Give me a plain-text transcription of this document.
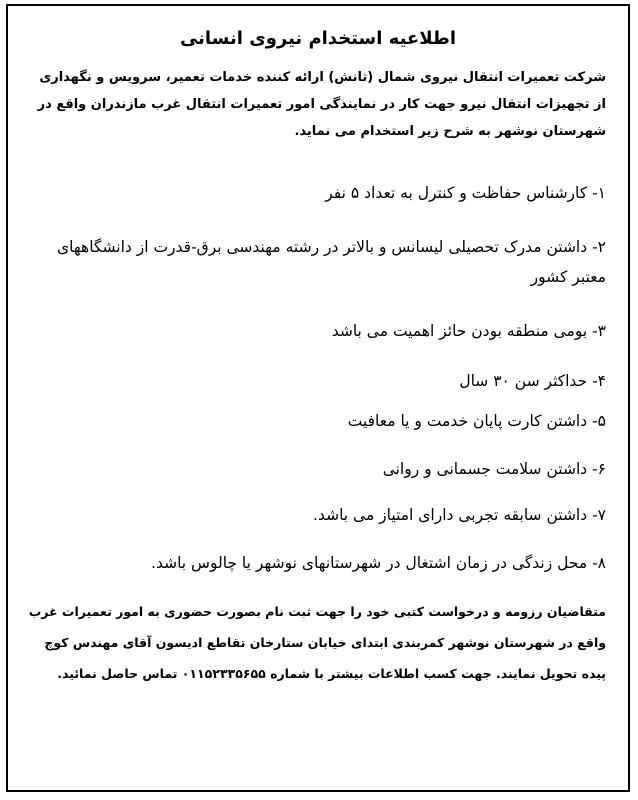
اطلاعیه استخدام نیروی انسانی
شرکت تعمیرات انتقال نیروی شمال (تانش) ارائه کننده خدمات تعمیر، سرویس و نگهداری از تجهیزات انتقال نیرو جهت کار در نمایندگی امور تعمیرات انتقال غرب مازندران واقع در شهرستان نوشهر به شرح زیر استخدام می نماید.
۱- کارشناس حفاظت و کنترل به تعداد ۵ نفر
۲- داشتن مدرک تحصیلی لیسانس و بالاتر در رشته مهندسی برق-قدرت از دانشگاههای معتبر کشور
۳- بومی منطقه بودن حائز اهمیت می باشد
۴- حداکثر سن ۳۰ سال
۵- داشتن کارت پایان خدمت و یا معافیت
۶- داشتن سلامت جسمانی و روانی
۷- داشتن سابقه تجربی دارای امتیاز می باشد.
۸- محل زندگی در زمان اشتغال در شهرستانهای نوشهر یا چالوس باشد.
متقاضیان رزومه و درخواست کتبی خود را جهت ثبت نام بصورت حضوری به امور تعمیرات غرب واقع در شهرستان نوشهر کمربندی ابتدای خیابان ستارخان تقاطع ادیسون آقای مهندس کوچ پیده تحویل نمایند. جهت کسب اطلاعات بیشتر با شماره ۰۱۱۵۲۳۳۵۶۵۵ تماس حاصل نمائید.
